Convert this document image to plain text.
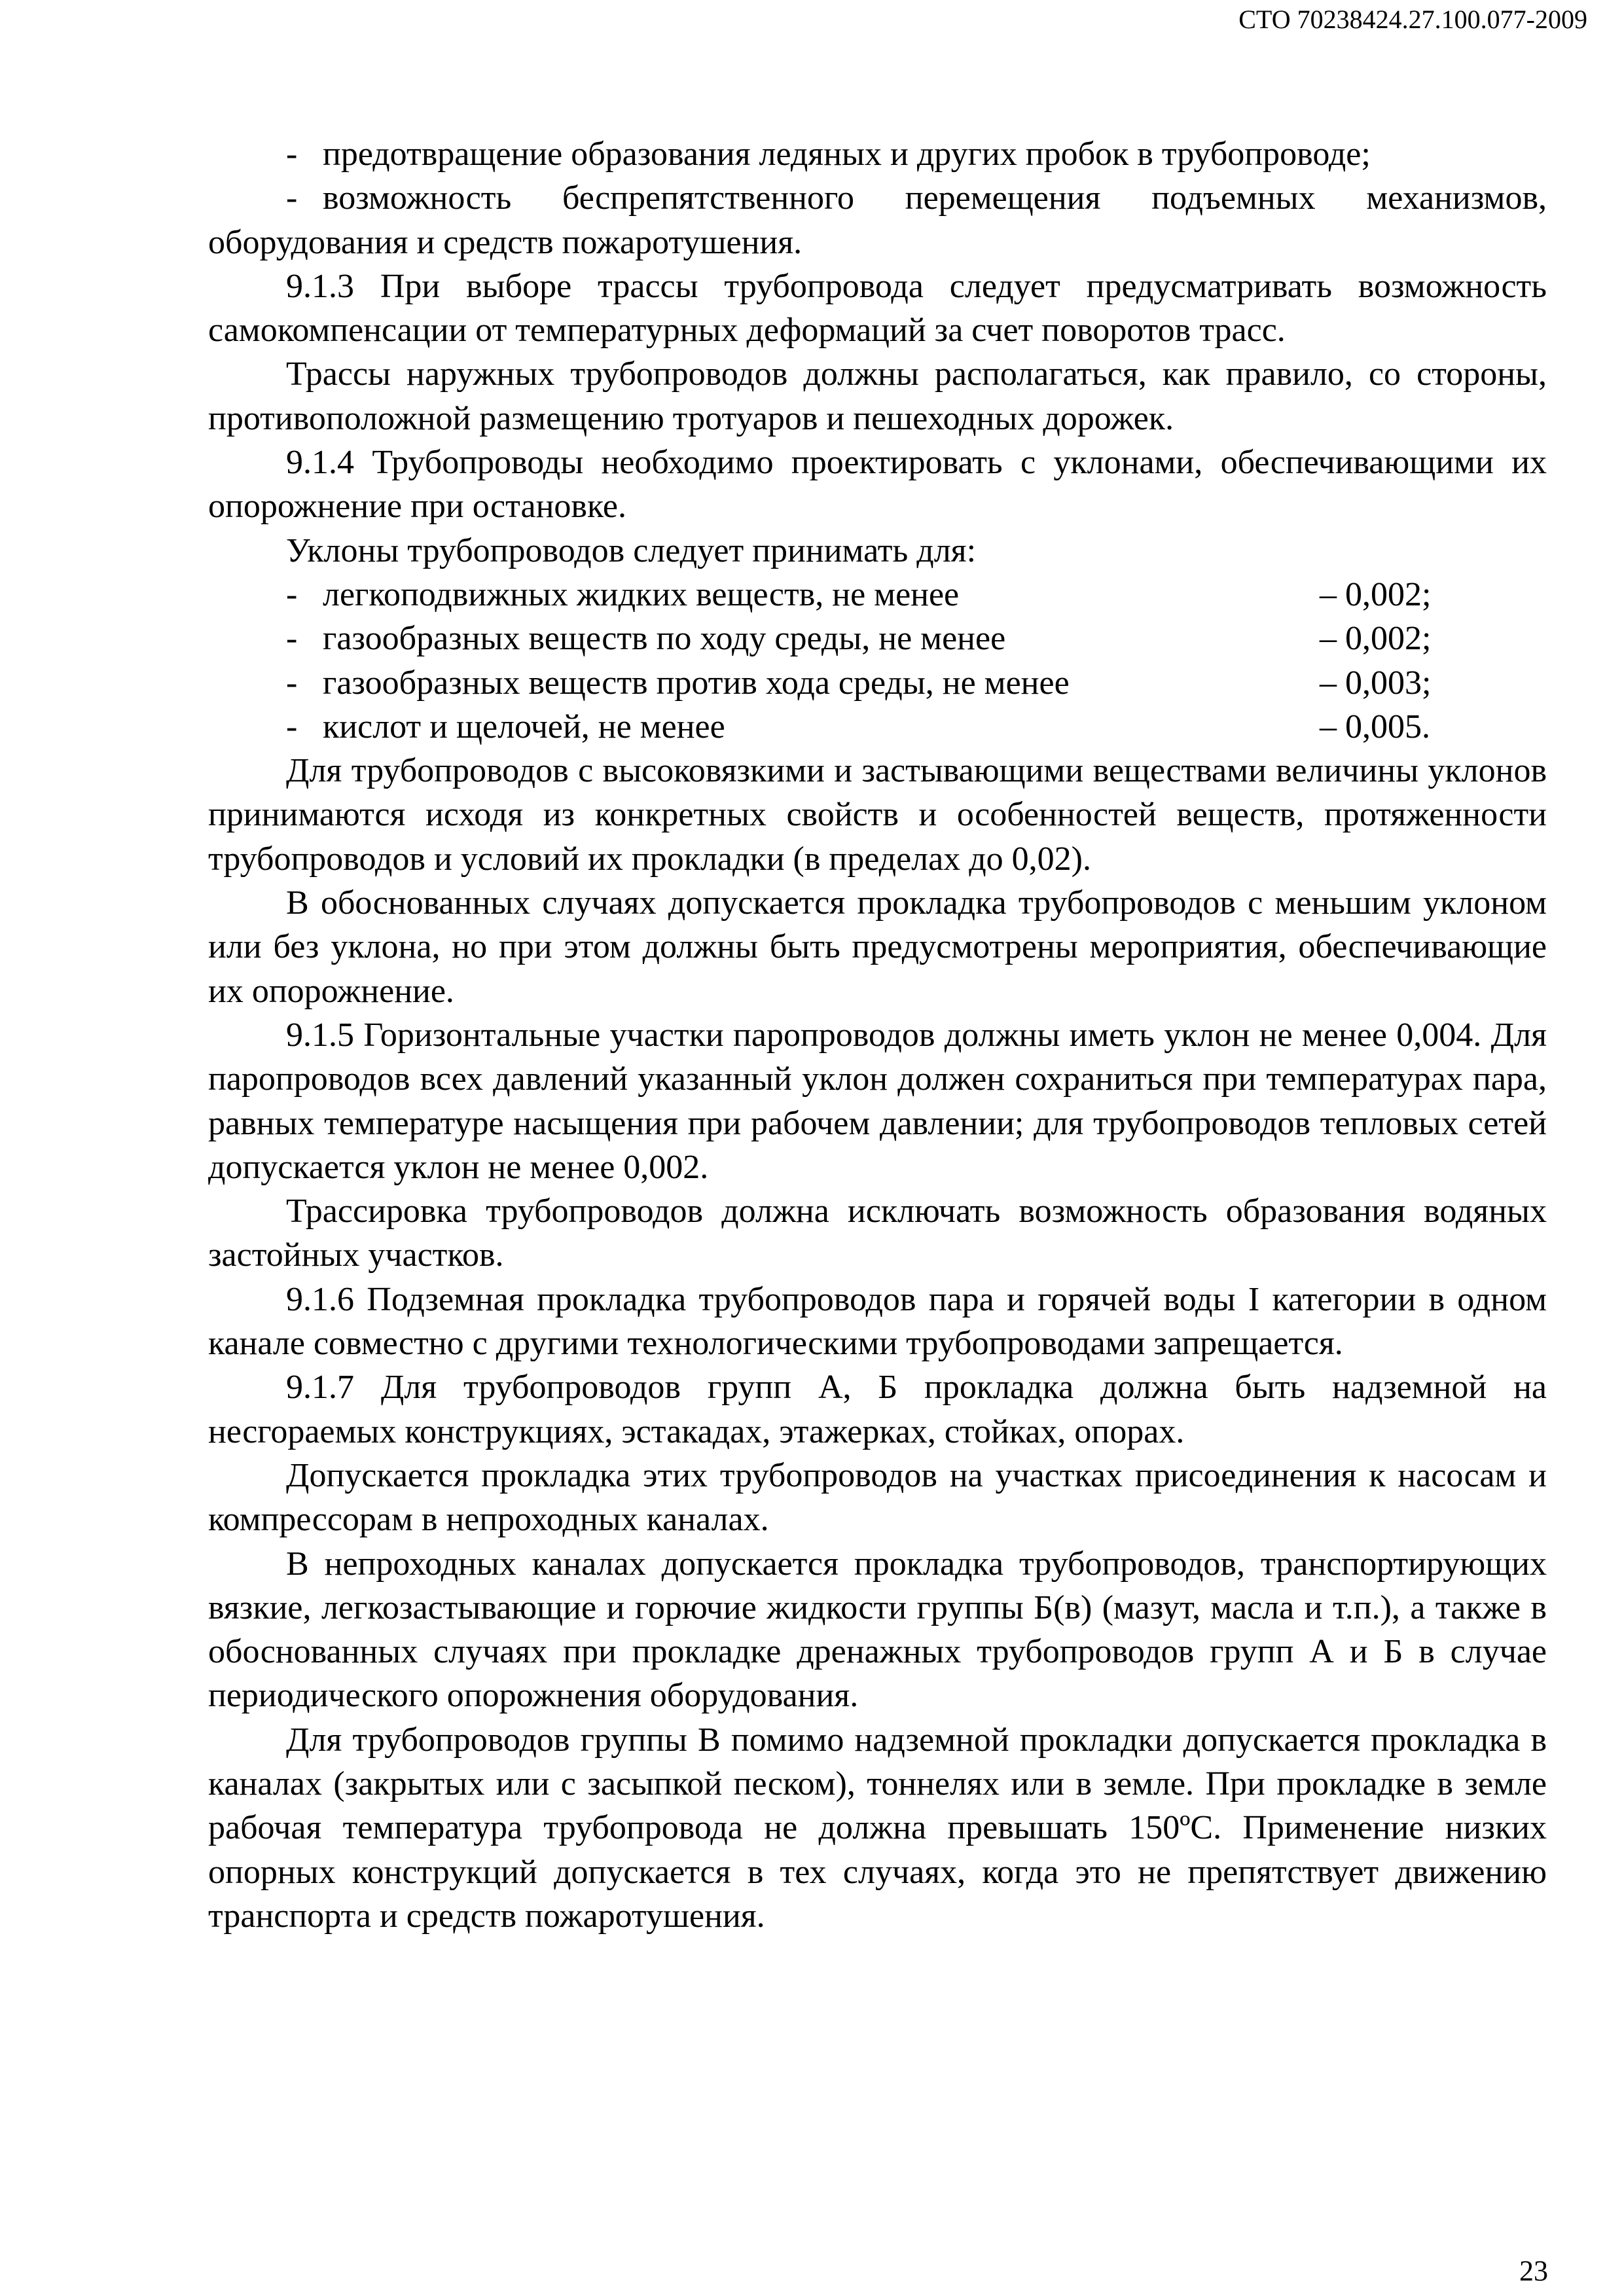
СТО 70238424.27.100.077-2009
- предотвращение образования ледяных и других пробок в трубопроводе;
- возможность беспрепятственного перемещения подъемных механизмов,

оборудования и средств пожаротушения.

9.1.3 При выборе трассы трубопровода следует предусматривать возможность самокомпенсации от температурных деформаций за счет поворотов трасс.

Трассы наружных трубопроводов должны располагаться, как правило, со стороны, противоположной размещению тротуаров и пешеходных дорожек.

9.1.4 Трубопроводы необходимо проектировать с уклонами, обеспечивающими их опорожнение при остановке.

Уклоны трубопроводов следует принимать для:

- легкоподвижных жидких веществ, не менее	– 0,002;
- газообразных веществ по ходу среды, не менее	– 0,002;
- газообразных веществ против хода среды, не менее	– 0,003;
- кислот и щелочей, не менее	– 0,005.

Для трубопроводов с высоковязкими и застывающими веществами величины уклонов принимаются исходя из конкретных свойств и особенностей веществ, протяженности трубопроводов и условий их прокладки (в пределах до 0,02).

В обоснованных случаях допускается прокладка трубопроводов с меньшим уклоном или без уклона, но при этом должны быть предусмотрены мероприятия, обеспечивающие их опорожнение.

9.1.5 Горизонтальные участки паропроводов должны иметь уклон не менее 0,004. Для паропроводов всех давлений указанный уклон должен сохраниться при температурах пара, равных температуре насыщения при рабочем давлении; для трубопроводов тепловых сетей допускается уклон не менее 0,002.

Трассировка трубопроводов должна исключать возможность образования водяных застойных участков.

9.1.6 Подземная прокладка трубопроводов пара и горячей воды I категории в одном канале совместно с другими технологическими трубопроводами запрещается.

9.1.7 Для трубопроводов групп А, Б прокладка должна быть надземной на несгораемых конструкциях, эстакадах, этажерках, стойках, опорах.

Допускается прокладка этих трубопроводов на участках присоединения к насосам и компрессорам в непроходных каналах.

В непроходных каналах допускается прокладка трубопроводов, транспортирующих вязкие, легкозастывающие и горючие жидкости группы Б(в) (мазут, масла и т.п.), а также в обоснованных случаях при прокладке дренажных трубопроводов групп А и Б в случае периодического опорожнения оборудования.

Для трубопроводов группы В помимо надземной прокладки допускается прокладка в каналах (закрытых или с засыпкой песком), тоннелях или в земле. При прокладке в земле рабочая температура трубопровода не должна превышать 150ºС. Применение низких опорных конструкций допускается в тех случаях, когда это не препятствует движению транспорта и средств пожаротушения.

23
